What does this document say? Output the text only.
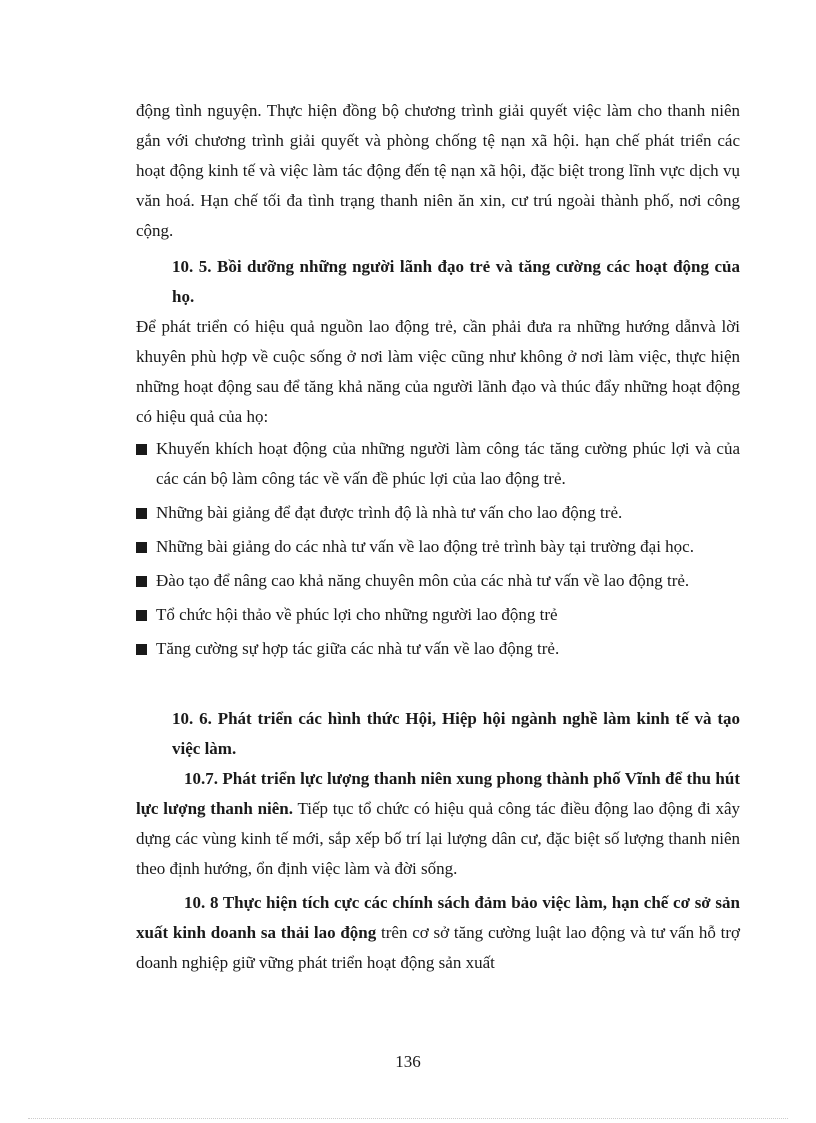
động tình nguyện. Thực hiện đồng bộ chương trình giải quyết việc làm cho thanh niên gắn với chương trình giải quyết và phòng chống tệ nạn xã hội. hạn chế phát triển các hoạt động kinh tế và việc làm tác động đến tệ nạn xã hội, đặc biệt trong lĩnh vực dịch vụ văn hoá. Hạn chế tối đa tình trạng thanh niên ăn xin, cư trú ngoài thành phố, nơi công cộng.

10. 5. Bồi dưỡng những người lãnh đạo trẻ và tăng cường các hoạt động của họ.

Để phát triển có hiệu quả nguồn lao động trẻ, cần phải đưa ra những hướng dẫnvà lời khuyên phù hợp về cuộc sống ở nơi làm việc cũng như không ở nơi làm việc, thực hiện những hoạt động sau để tăng khả năng của người lãnh đạo và thúc đẩy những hoạt động có hiệu quả của họ:

Khuyến khích hoạt động của những người làm công tác tăng cường phúc lợi và của các cán bộ làm công tác về vấn đề phúc lợi của lao động trẻ.
Những bài giảng để đạt được trình độ là nhà tư vấn cho lao động trẻ.
Những bài giảng do các nhà tư vấn về lao động trẻ trình bày tại trường đại học.
Đào tạo để nâng cao khả năng chuyên môn của các nhà tư vấn về lao động trẻ.
Tổ chức hội thảo về phúc lợi cho những người lao động trẻ
Tăng cường sự hợp tác giữa các nhà tư vấn về lao động trẻ.

10. 6. Phát triển các hình thức Hội, Hiệp hội ngành nghề làm kinh tế và tạo việc làm.

10.7. Phát triển lực lượng thanh niên xung phong thành phố Vĩnh để thu hút lực lượng thanh niên. Tiếp tục tổ chức có hiệu quả công tác điều động lao động đi xây dựng các vùng kinh tế mới, sắp xếp bố trí lại lượng dân cư, đặc biệt số lượng thanh niên theo định hướng, ổn định việc làm và đời sống.

10. 8 Thực hiện tích cực các chính sách đảm bảo việc làm, hạn chế cơ sở sản xuất kinh doanh sa thải lao động trên cơ sở tăng cường luật lao động và tư vấn hỗ trợ doanh nghiệp giữ vững phát triển hoạt động sản xuất

136
